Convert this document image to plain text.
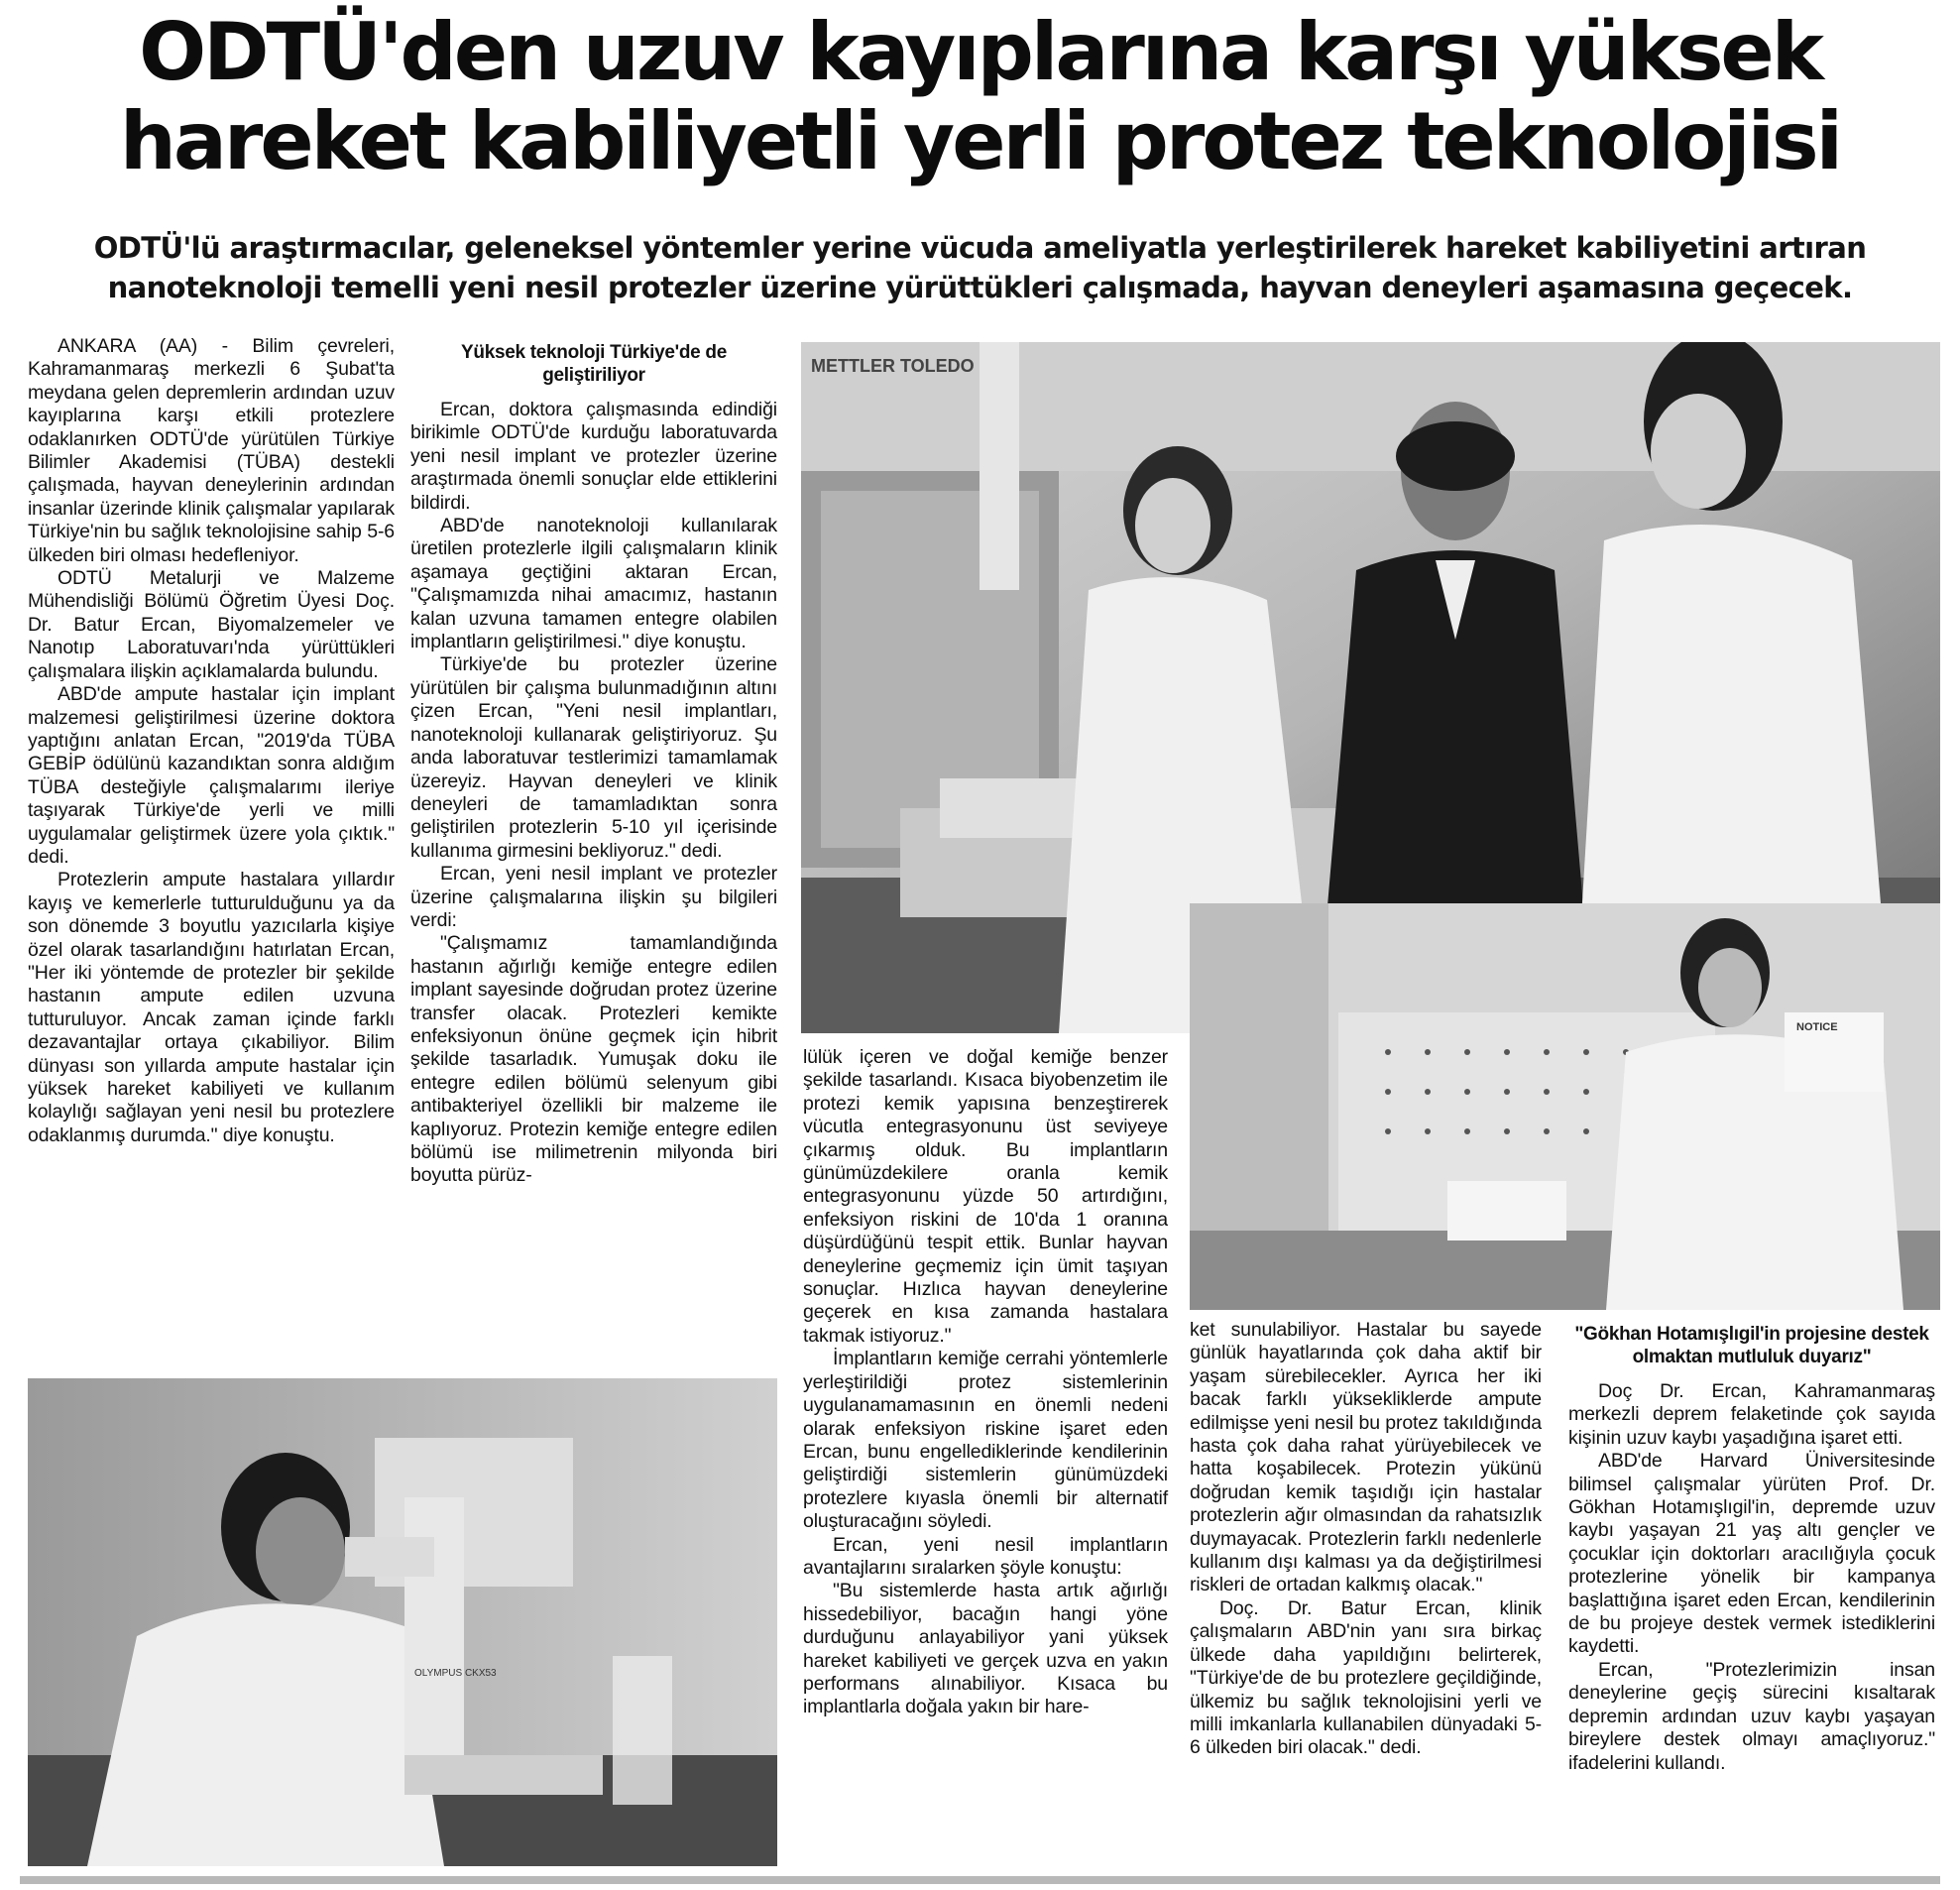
ODTÜ'den uzuv kayıplarına karşı yüksek
hareket kabiliyetli yerli protez teknolojisi
ODTÜ'lü araştırmacılar, geleneksel yöntemler yerine vücuda ameliyatla yerleştirilerek hareket kabiliyetini artıran
nanoteknoloji temelli yeni nesil protezler üzerine yürüttükleri çalışmada, hayvan deneyleri aşamasına geçecek.

ANKARA (AA) - Bilim çevreleri, Kahramanmaraş merkezli 6 Şubat'ta meydana gelen depremlerin ardından uzuv kayıplarına karşı etkili protezlere odaklanırken ODTÜ'de yürütülen Türkiye Bilimler Akademisi (TÜBA) destekli çalışmada, hayvan deneylerinin ardından insanlar üzerinde klinik çalışmalar yapılarak Türkiye'nin bu sağlık teknolojisine sahip 5-6 ülkeden biri olması hedefleniyor.

ODTÜ Metalurji ve Malzeme Mühendisliği Bölümü Öğretim Üyesi Doç. Dr. Batur Ercan, Biyomalzemeler ve Nanotıp Laboratuvarı'nda yürüttükleri çalışmalara ilişkin açıklamalarda bulundu.

ABD'de ampute hastalar için implant malzemesi geliştirilmesi üzerine doktora yaptığını anlatan Ercan, "2019'da TÜBA GEBİP ödülünü kazandıktan sonra aldığım TÜBA desteğiyle çalışmalarımı ileriye taşıyarak Türkiye'de yerli ve milli uygulamalar geliştirmek üzere yola çıktık." dedi.

Protezlerin ampute hastalara yıllardır kayış ve kemerlerle tutturulduğunu ya da son dönemde 3 boyutlu yazıcılarla kişiye özel olarak tasarlandığını hatırlatan Ercan, "Her iki yöntemde de protezler bir şekilde hastanın ampute edilen uzvuna tutturuluyor. Ancak zaman içinde farklı dezavantajlar ortaya çıkabiliyor. Bilim dünyası son yıllarda ampute hastalar için yüksek hareket kabiliyeti ve kullanım kolaylığı sağlayan yeni nesil bu protezlere odaklanmış durumda." diye konuştu.

Yüksek teknoloji Türkiye'de de geliştiriliyor

Ercan, doktora çalışmasında edindiği birikimle ODTÜ'de kurduğu laboratuvarda yeni nesil implant ve protezler üzerine araştırmada önemli sonuçlar elde ettiklerini bildirdi.

ABD'de nanoteknoloji kullanılarak üretilen protezlerle ilgili çalışmaların klinik aşamaya geçtiğini aktaran Ercan, "Çalışmamızda nihai amacımız, hastanın kalan uzvuna tamamen entegre olabilen implantların geliştirilmesi." diye konuştu.

Türkiye'de bu protezler üzerine yürütülen bir çalışma bulunmadığının altını çizen Ercan, "Yeni nesil implantları, nanoteknoloji kullanarak geliştiriyoruz. Şu anda laboratuvar testlerimizi tamamlamak üzereyiz. Hayvan deneyleri ve klinik deneyleri de tamamladıktan sonra geliştirilen protezlerin 5-10 yıl içerisinde kullanıma girmesini bekliyoruz." dedi.

Ercan, yeni nesil implant ve protezler üzerine çalışmalarına ilişkin şu bilgileri verdi:

"Çalışmamız tamamlandığında hastanın ağırlığı kemiğe entegre edilen implant sayesinde doğrudan protez üzerine transfer olacak. Protezleri kemikte enfeksiyonun önüne geçmek için hibrit şekilde tasarladık. Yumuşak doku ile entegre edilen bölümü selenyum gibi antibakteriyel özellikli bir malzeme ile kaplıyoruz. Protezin kemiğe entegre edilen bölümü ise milimetrenin milyonda biri boyutta pürüz-

lülük içeren ve doğal kemiğe benzer şekilde tasarlandı. Kısaca biyobenzetim ile protezi kemik yapısına benzeştirerek vücutla entegrasyonunu üst seviyeye çıkarmış olduk. Bu implantların günümüzdekilere oranla kemik entegrasyonunu yüzde 50 artırdığını, enfeksiyon riskini de 10'da 1 oranına düşürdüğünü tespit ettik. Bunlar hayvan deneylerine geçmemiz için ümit taşıyan sonuçlar. Hızlıca hayvan deneylerine geçerek en kısa zamanda hastalara takmak istiyoruz."

İmplantların kemiğe cerrahi yöntemlerle yerleştirildiği protez sistemlerinin uygulanamamasının en önemli nedeni olarak enfeksiyon riskine işaret eden Ercan, bunu engellediklerinde kendilerinin geliştirdiği sistemlerin günümüzdeki protezlere kıyasla önemli bir alternatif oluşturacağını söyledi.

Ercan, yeni nesil implantların avantajlarını sıralarken şöyle konuştu:

"Bu sistemlerde hasta artık ağırlığı hissedebiliyor, bacağın hangi yöne durduğunu anlayabiliyor yani yüksek hareket kabiliyeti ve gerçek uzva en yakın performans alınabiliyor. Kısaca bu implantlarla doğala yakın bir hare-

ket sunulabiliyor. Hastalar bu sayede günlük hayatlarında çok daha aktif bir yaşam sürebilecekler. Ayrıca her iki bacak farklı yüksekliklerde ampute edilmişse yeni nesil bu protez takıldığında hasta çok daha rahat yürüyebilecek ve hatta koşabilecek. Protezin yükünü doğrudan kemik taşıdığı için hastalar protezlerin ağır olmasından da rahatsızlık duymayacak. Protezlerin farklı nedenlerle kullanım dışı kalması ya da değiştirilmesi riskleri de ortadan kalkmış olacak."

Doç. Dr. Batur Ercan, klinik çalışmaların ABD'nin yanı sıra birkaç ülkede daha yapıldığını belirterek, "Türkiye'de de bu protezlere geçildiğinde, ülkemiz bu sağlık teknolojisini yerli ve milli imkanlarla kullanabilen dünyadaki 5-6 ülkeden biri olacak." dedi.

"Gökhan Hotamışlıgil'in projesine destek olmaktan mutluluk duyarız"

Doç Dr. Ercan, Kahramanmaraş merkezli deprem felaketinde çok sayıda kişinin uzuv kaybı yaşadığına işaret etti.

ABD'de Harvard Üniversitesinde bilimsel çalışmalar yürüten Prof. Dr. Gökhan Hotamışlıgil'in, depremde uzuv kaybı yaşayan 21 yaş altı gençler ve çocuklar için doktorları aracılığıyla çocuk protezlerine yönelik bir kampanya başlattığına işaret eden Ercan, kendilerinin de bu projeye destek vermek istediklerini kaydetti.

Ercan, "Protezlerimizin insan deneylerine geçiş sürecini kısaltarak depremin ardından uzuv kaybı yaşayan bireylere destek olmayı amaçlıyoruz." ifadelerini kullandı.

METTLER TOLEDO
NOTICE
OLYMPUS CKX53
